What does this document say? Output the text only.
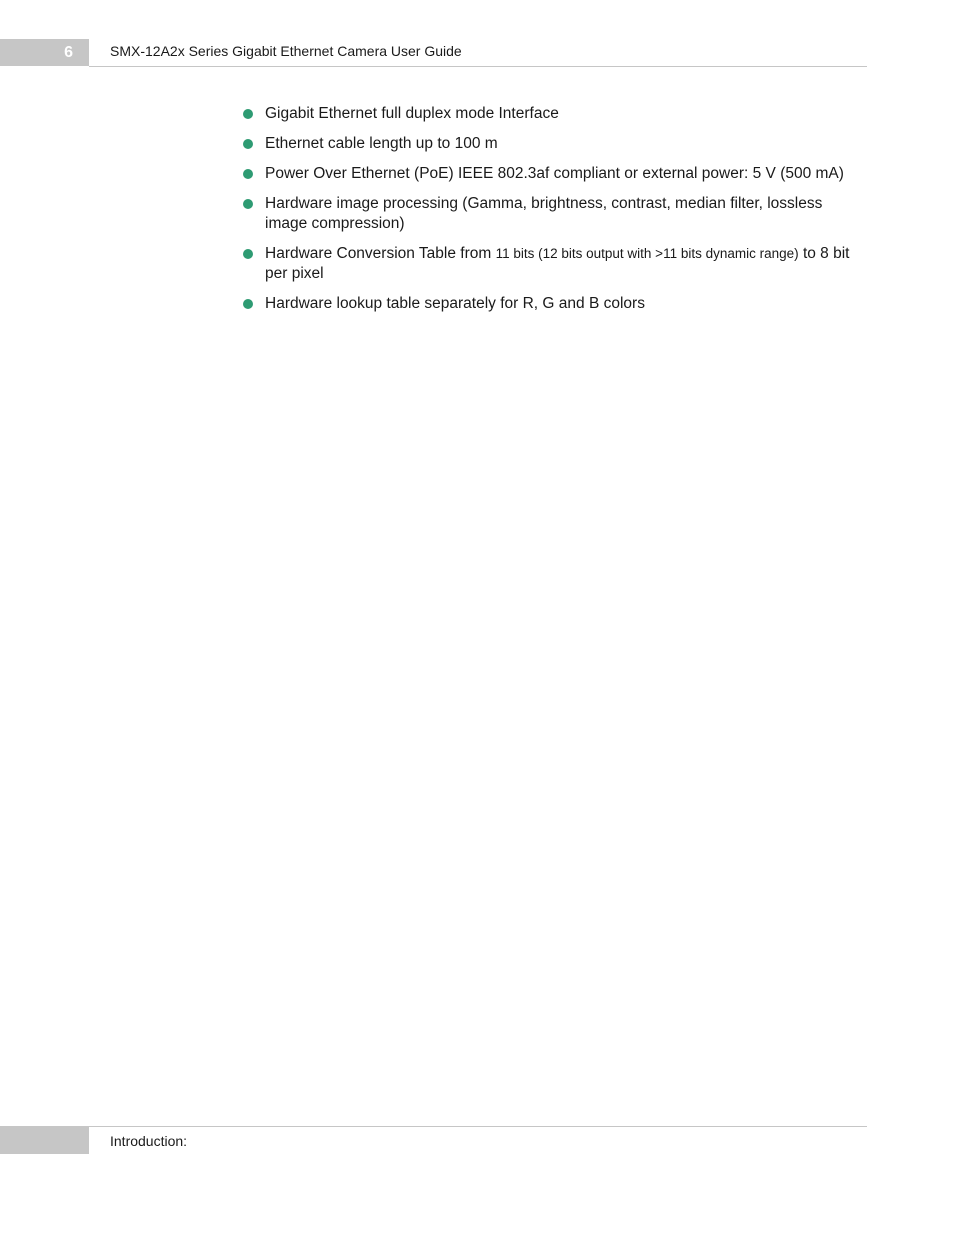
6	SMX-12A2x Series Gigabit Ethernet Camera User Guide
Gigabit Ethernet full duplex mode Interface
Ethernet cable length up to 100 m
Power Over Ethernet (PoE) IEEE 802.3af compliant or external power: 5 V (500 mA)
Hardware image processing (Gamma, brightness, contrast, median filter, lossless image compression)
Hardware Conversion Table from 11 bits (12 bits output with >11 bits dynamic range) to 8 bit per pixel
Hardware lookup table separately for R, G and B colors
Introduction:
